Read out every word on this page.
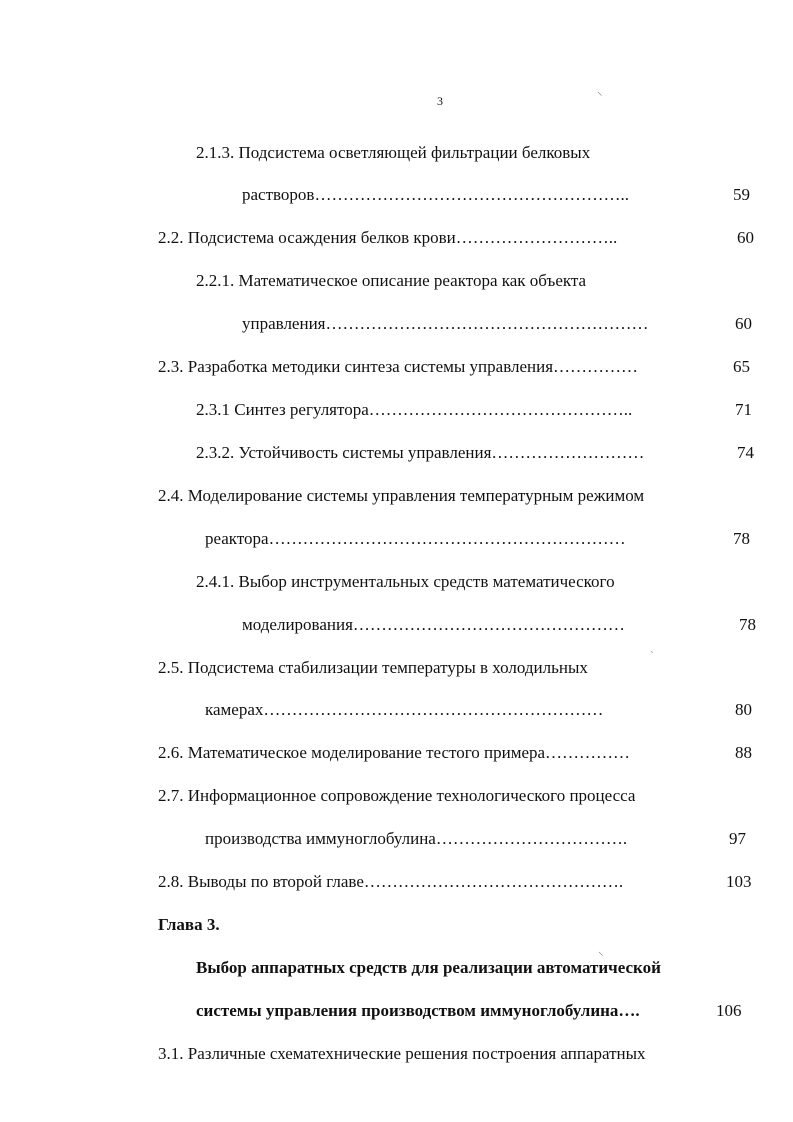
3
⸜
`
⸜
2.1.3. Подсистема осветляющей фильтрации белковых
растворов………………………………………………..	59
2.2. Подсистема осаждения белков крови………………………..	60
2.2.1. Математическое описание реактора как объекта
управления…………………………………………………	60
2.3. Разработка методики синтеза системы управления……………	65
2.3.1 Синтез регулятора………………………………………..	71
2.3.2. Устойчивость системы управления………………………	74
2.4. Моделирование системы управления температурным режимом
реактора………………………………………………………	78
2.4.1. Выбор инструментальных средств математического
моделирования…………………………………………	78
2.5. Подсистема стабилизации температуры в холодильных
камерах……………………………………………………	80
2.6. Математическое моделирование тестого примера……………	88
2.7. Информационное сопровождение технологического процесса
производства иммуноглобулина…………………………….	97
2.8. Выводы по второй главе……………………………………….	103
Глава 3.
Выбор аппаратных средств для реализации автоматической
системы управления производством иммуноглобулина….	106
3.1. Различные схематехнические решения построения аппаратных
